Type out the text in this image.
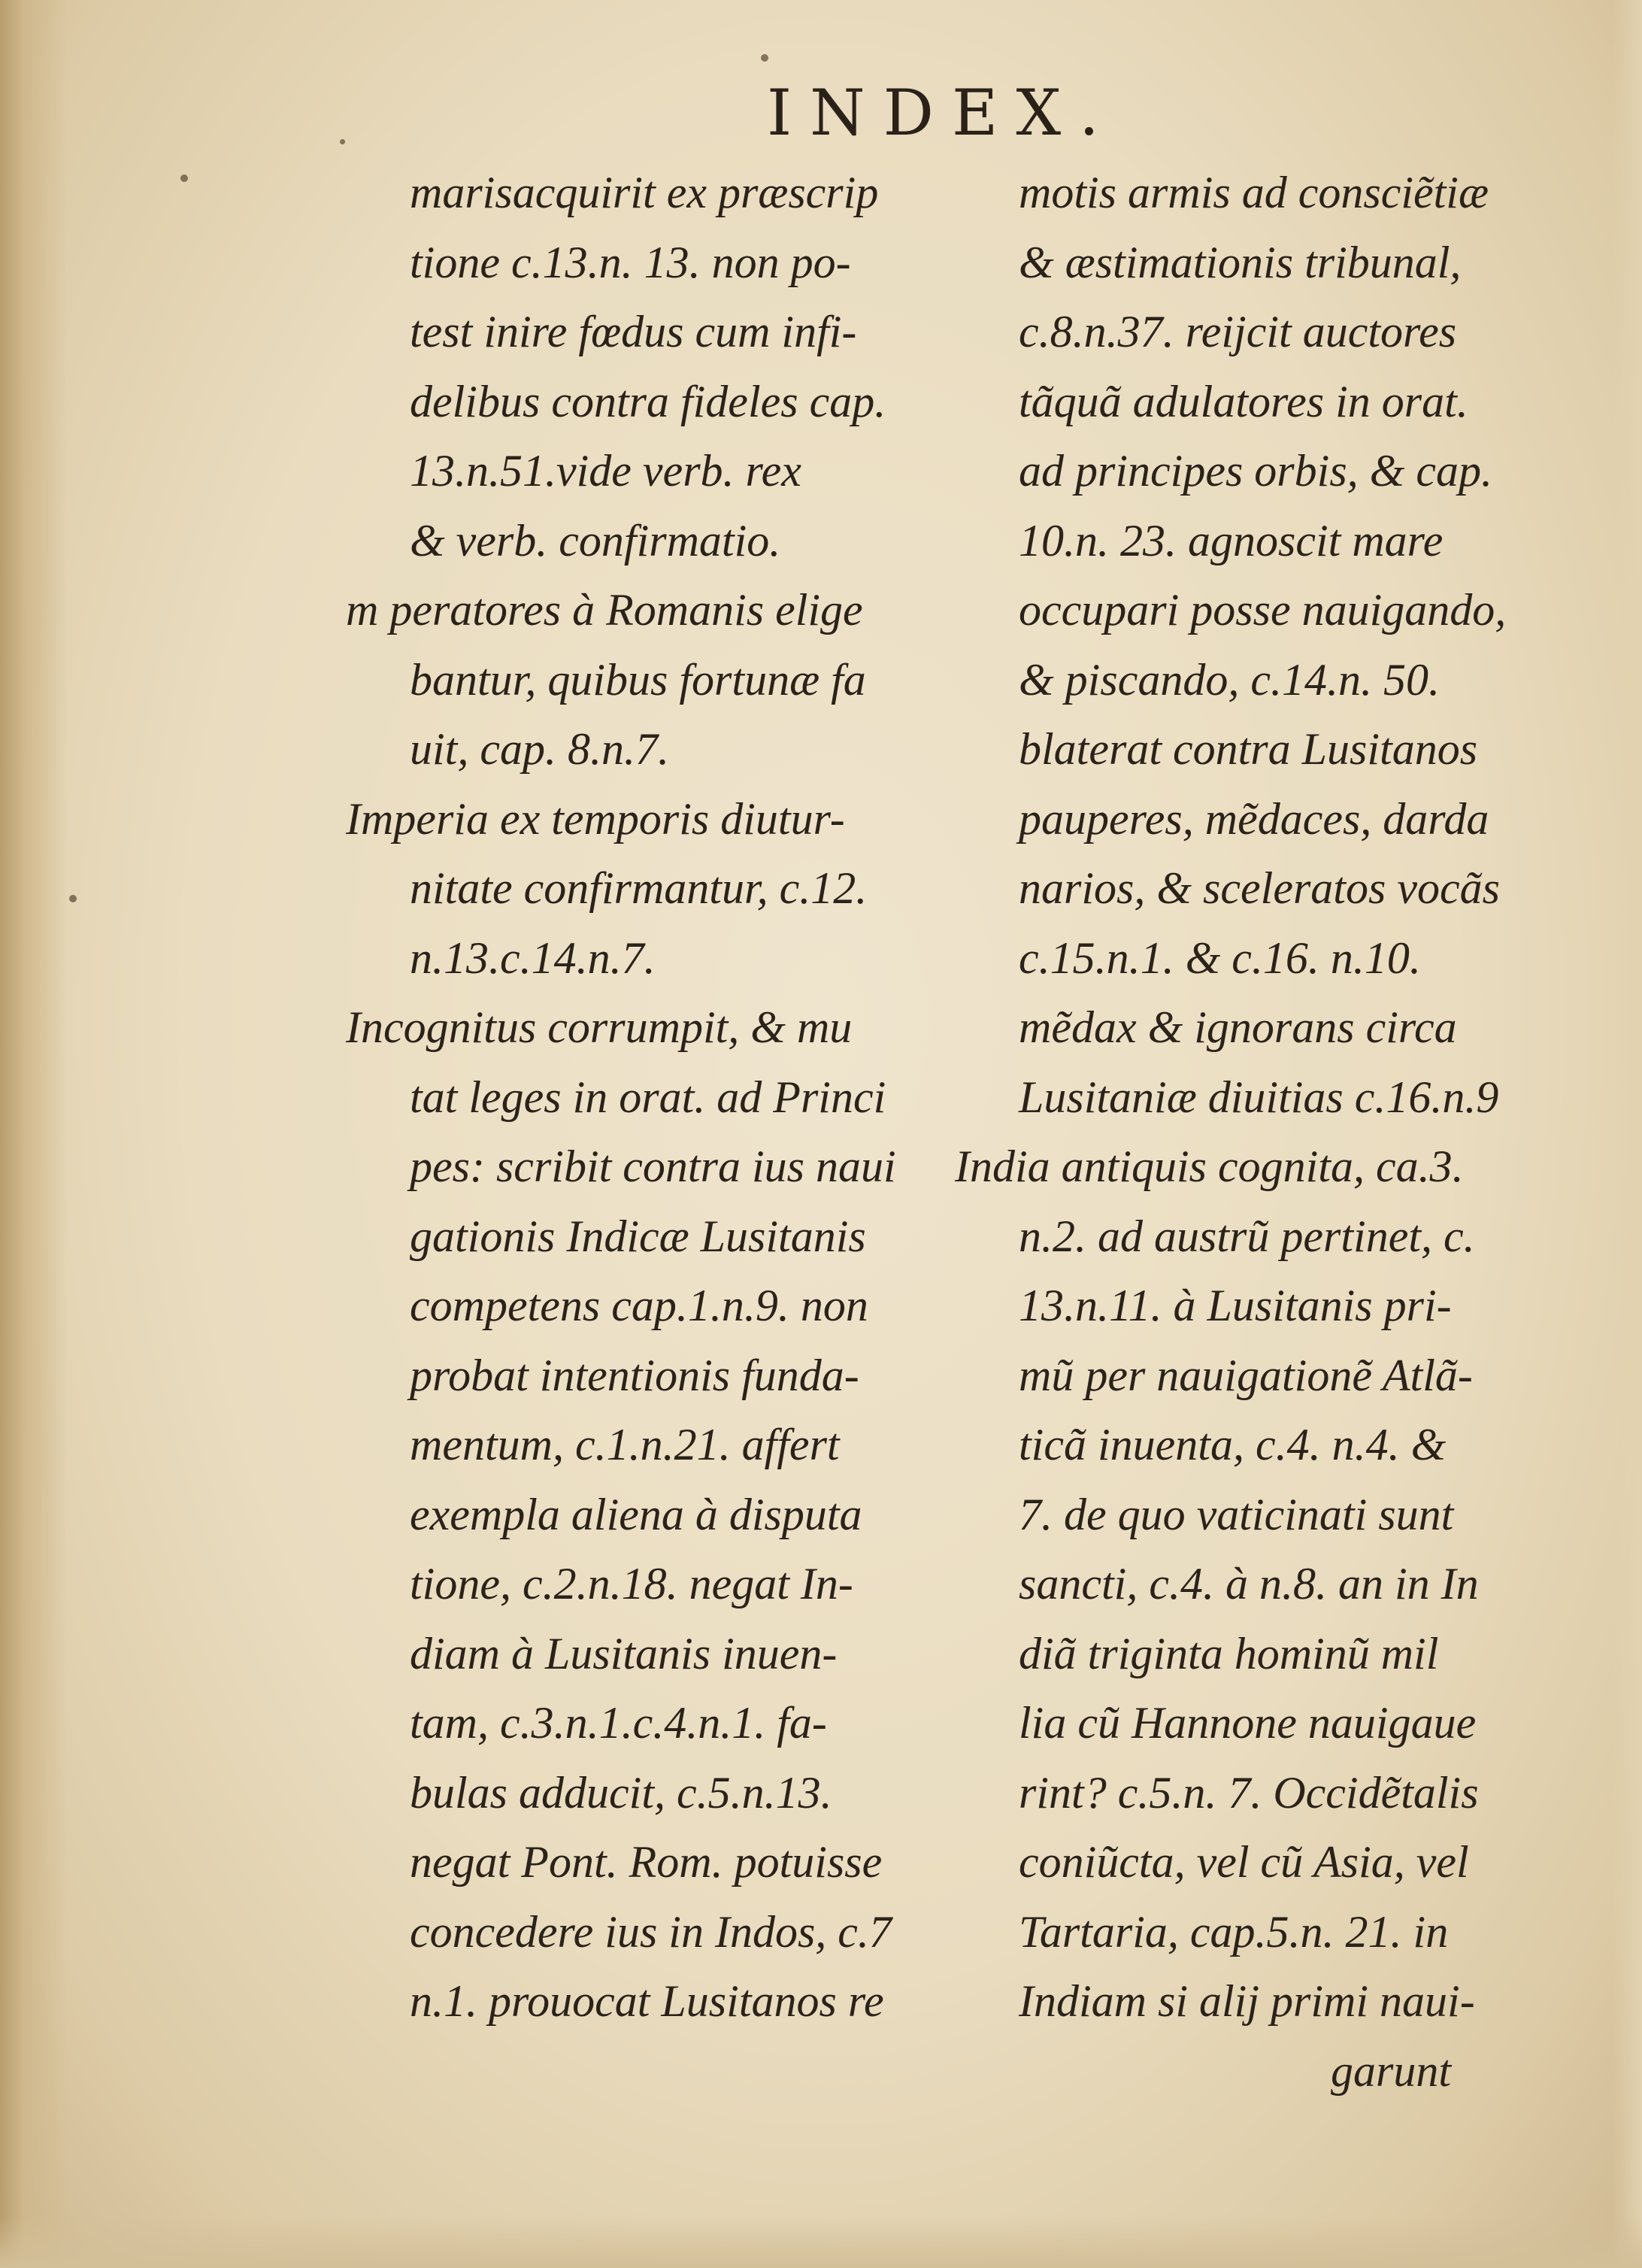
INDEX.
marisacquirit ex præscrip
tione c.13.n. 13. non po-
test inire fœdus cum infi-
delibus contra fideles cap.
13.n.51.vide verb. rex
& verb. confirmatio.
m peratores à Romanis elige
bantur, quibus fortunæ fa
uit, cap. 8.n.7.
Imperia ex temporis diutur-
nitate confirmantur, c.12.
n.13.c.14.n.7.
Incognitus corrumpit, & mu
tat leges in orat. ad Princi
pes: scribit contra ius naui
gationis Indicæ Lusitanis
competens cap.1.n.9. non
probat intentionis funda-
mentum, c.1.n.21. affert
exempla aliena à disputa
tione, c.2.n.18. negat In-
diam à Lusitanis inuen-
tam, c.3.n.1.c.4.n.1. fa-
bulas adducit, c.5.n.13.
negat Pont. Rom. potuisse
concedere ius in Indos, c.7
n.1. prouocat Lusitanos re
motis armis ad consciẽtiæ
& æstimationis tribunal,
c.8.n.37. reijcit auctores
tãquã adulatores in orat.
ad principes orbis, & cap.
10.n. 23. agnoscit mare
occupari posse nauigando,
& piscando, c.14.n. 50.
blaterat contra Lusitanos
pauperes, mẽdaces, darda
narios, & sceleratos vocãs
c.15.n.1. & c.16. n.10.
mẽdax & ignorans circa
Lusitaniæ diuitias c.16.n.9
India antiquis cognita, ca.3.
n.2. ad austrũ pertinet, c.
13.n.11. à Lusitanis pri-
mũ per nauigationẽ Atlã-
ticã inuenta, c.4. n.4. &
7. de quo vaticinati sunt
sancti, c.4. à n.8. an in In
diã triginta hominũ mil
lia cũ Hannone nauigaue
rint? c.5.n. 7. Occidẽtalis
coniũcta, vel cũ Asia, vel
Tartaria, cap.5.n. 21. in
Indiam si alij primi naui-
garunt
